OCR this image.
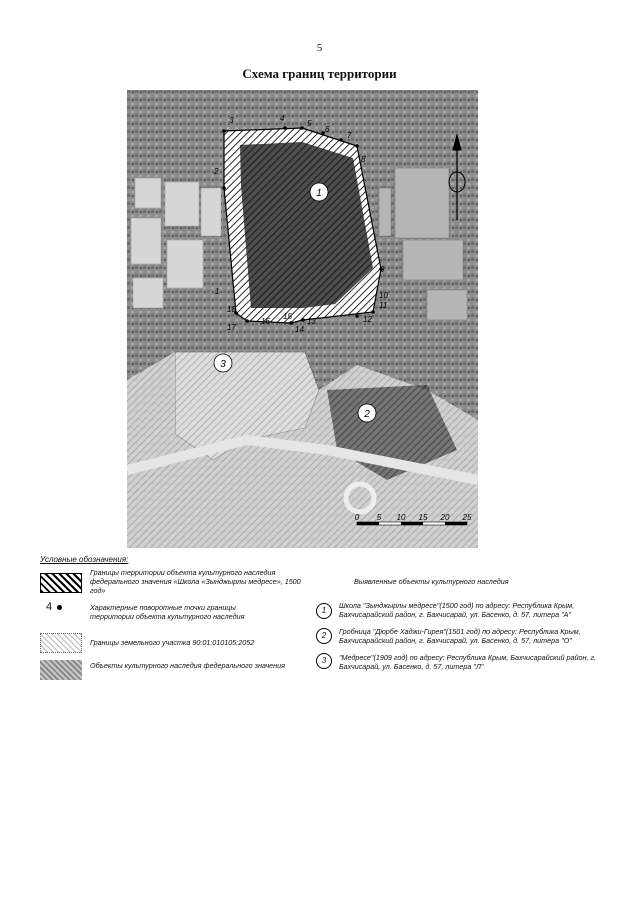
5
Схема границ территории
2
3	4
5
6
7
8
9
10
11
12
13
14
15
16
17
18
1
1
2
3
0 5 10 15 20 25
Условные обозначения:
Границы территории объекта культурного наследия федерального значения «Школа «Зынджырлы медресе», 1500 год»
4	Характерные поворотные точки границы территории объекта культурного наследия
Границы земельного участка 90:01:010105:2052
Объекты культурного наследия федерального значения
Выявленные объекты культурного наследия
1
Школа "Зынджырлы медресе"(1500 год) по адресу: Республика Крым, Бахчисарайский район, г. Бахчисарай, ул. Басенко, д. 57, литера "А"
2	Гробница "Дюрбе Хаджи-Гирея"(1501 год) по адресу: Республика Крым, Бахчисарайский район, г. Бахчисарай, ул. Басенко, д. 57, литера "О"
3	"Медресе"(1909 год) по адресу: Республика Крым, Бахчисарайский район, г. Бахчисарай, ул. Басенко, д. 57, литера "Л"
